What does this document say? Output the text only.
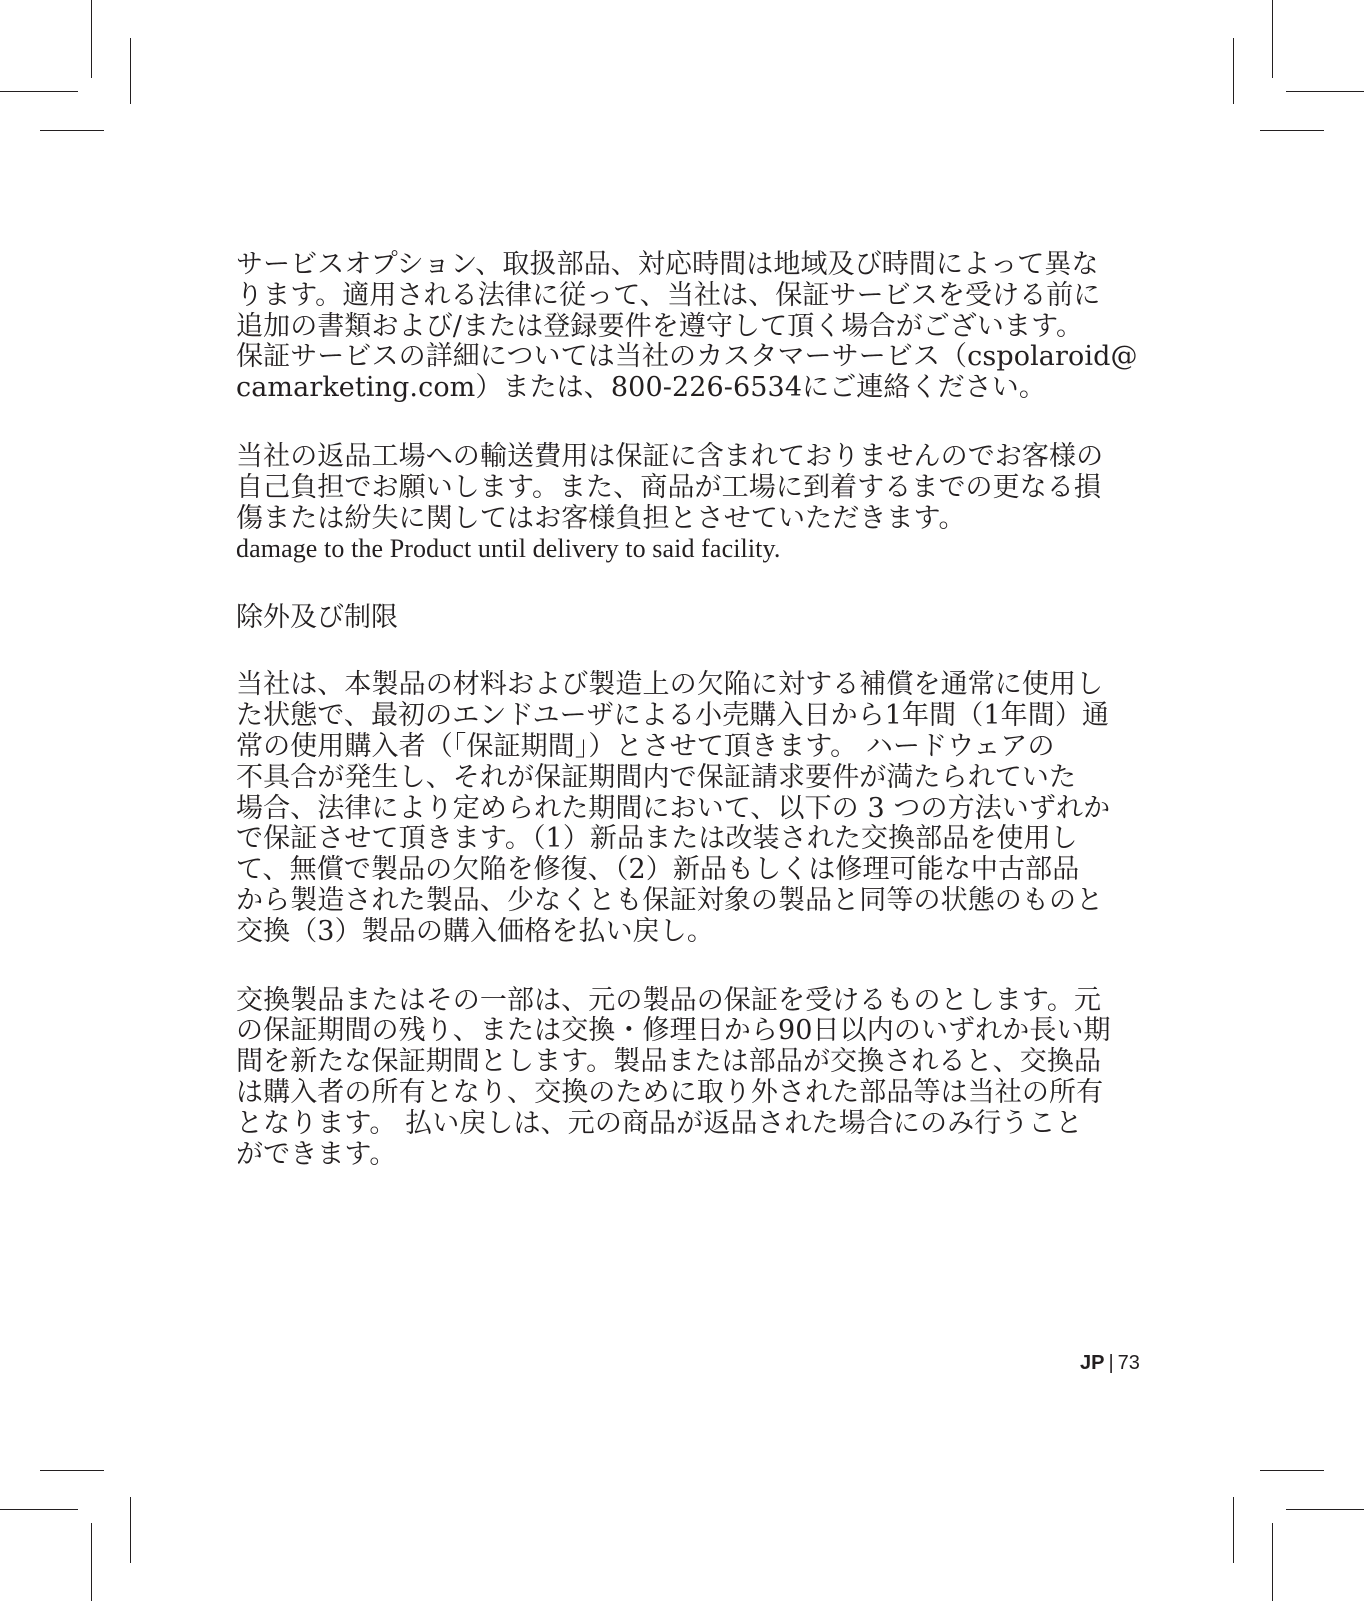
サービスオプション、取扱部品、対応時間は地域及び時間によって異な
ります。適用される法律に従って、当社は、保証サービスを受ける前に
追加の書類および/または登録要件を遵守して頂く場合がございます。
保証サービスの詳細については当社のカスタマーサービス（cspolaroid@
camarketing.com）または、800-226-6534にご連絡ください。

当社の返品工場への輸送費用は保証に含まれておりませんのでお客様の
自己負担でお願いします。また、商品が工場に到着するまでの更なる損
傷または紛失に関してはお客様負担とさせていただきます。
damage to the Product until delivery to said facility.

除外及び制限

当社は、本製品の材料および製造上の欠陥に対する補償を通常に使用し
た状態で、最初のエンドユーザによる小売購入日から1年間（1年間）通
常の使用購入者（「保証期間」）とさせて頂きます。 ハードウェアの
不具合が発生し、それが保証期間内で保証請求要件が満たられていた
場合、法律により定められた期間において、以下の 3 つの方法いずれか
で保証させて頂きます。（1）新品または改装された交換部品を使用し
て、無償で製品の欠陥を修復、（2）新品もしくは修理可能な中古部品
から製造された製品、少なくとも保証対象の製品と同等の状態のものと
交換（3）製品の購入価格を払い戻し。

交換製品またはその一部は、元の製品の保証を受けるものとします。元
の保証期間の残り、または交換・修理日から90日以内のいずれか長い期
間を新たな保証期間とします。製品または部品が交換されると、交換品
は購入者の所有となり、交換のために取り外された部品等は当社の所有
となります。 払い戻しは、元の商品が返品された場合にのみ行うこと
ができます。

JP | 73
